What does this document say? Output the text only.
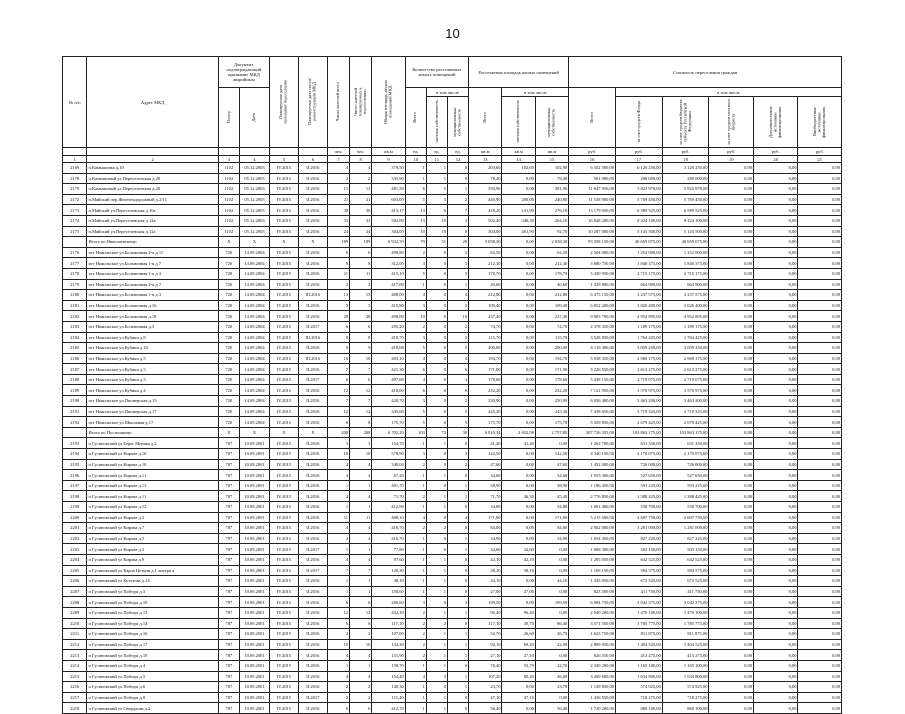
10
№ п/п	Адрес МКД	Документ, подтверждающий признание МКД аварийным		Планируемая дата окончания переселения	Планируемая дата сноса/ реконструкции МКД	Число жителей всего	Число жителей планируемых к переселению	Общая площадь жилых помещений МКД	Количество расселяемых жилых помещений			Расселяемая площадь жилых помещений			Стоимость переселения граждан					
		Номер	Дата						Всего	в том числе		Всего	в том числе		Всего	в том числе				
										частная собственность	муниципальная собственность		частная собственность	муниципальная собственность		за счет средств Фонда	за счет средств бюджета субъекта Российской Федерации	за счет средств местного бюджета	Дополнительные источники финансирования	Внебюджетные источники финансирования
						чел.	чел.	кв.м	ед.	ед.	ед.	кв.м	кв.м	кв.м	руб.	руб.	руб.	руб.	руб.	руб.
1	2	3	4	5	6	7	8	9	10	11	12	13	14	15	16	17	18	19	20	21
2169	п.Камышовка д.10	1102	05.12.2003	IV.2015	II.2016	4	4	379,50	1	1	0	203,60	102,60	102,90	6 352 500,00	6 126 250,00	3 126 250,00	0,00	0,00	0,00
2178	п.Камышовый ул.Переселенская д.20	1102	05.12.2003	IV.2015	II.2016	2	2	335,90	1	1	0	78,40	0,00	78,40	561 000,00	280 000,00	280 000,00	0,00	0,00	0,00
2179	п.Камышовый ул.Переселенская д.20	1102	05.12.2003	IV.2015	II.2016	13	13	481,50	6	5	1	550,96	0,00	381,96	11 647 956,00	5 823 978,00	5 823 978,00	0,00	0,00	0,00
2172	п.Майский пер.Железнодорожный д.2/11	1102	05.12.2003	IV.2015	II.2016	21	21	603,00	5	3	2	440,90	200,00	240,80	11 538 900,00	5 769 450,00	5 769 450,00	0,00	0,00	0,00
2173	п.Майский ул.Переселенская д.10а	1102	05.12.2003	IV.2015	II.2016	30	30	415,17	13	6	7	418,20	141,90	276,10	13 179 050,00	6 589 525,00	6 589 525,00	0,00	0,00	0,00
2174	п.Майский ул.Переселенская д.12а	1102	05.12.2003	IV.2015	II.2016	33	33	502,00	13	10	3	502,40	348,30	204,10	16 848 200,00	8 424 100,00	8 424 100,00	0,00	0,00	0,00
2175	п.Майский ул.Переселенская д.12а	1102	05.12.2003	IV.2015	II.2016	24	24	304,00	10	10	0	304,00	461,90	92,70	10 287 000,00	5 143 500,00	5 143 500,00	0,00	0,00	0,00
	Итого по Николаевскому:	X	X	X	X	189	189	6 932,59	79	51	28	3 038,30	0,00	2 038,30	93 358 150,00	46 659 075,00	46 659 075,00	0,00	0,00	0,00
2176	пгт Никольское ул.Больничная 2-я д.11	720	14.09.2004	IV.2015	II.2016	6	6	499,80	2	0	2	62,50	0,00	62,50	2 504 000,00	1 252 000,00	1 252 000,00	0,00	0,00	0,00
2177	пгт Никольское ул.Больничная 1-я д.7	720	14.09.2004	IV.2015	II.2016	8	8	312,00	3	0	3	212,30	0,00	212,30	3 680 750,00	1 840 375,00	1 840 375,00	0,00	0,00	0,00
2178	пгт Никольское ул.Больничная 1-я д.3	720	14.09.2004	IV.2015	II.2016	11	11	415,10	5	0	5	178,70	0,00	178,70	5 430 950,00	2 715 175,00	2 715 175,00	0,00	0,00	0,00
2179	пгт Никольское ул.Больничная 2-я д.7	720	14.09.2004	IV.2015	II.2016	2	2	417,00	1	0	1	40,60	0,00	40,60	1 329 800,00	664 900,00	664 900,00	0,00	0,00	0,00
2180	пгт Никольское ул.Больничная 1-я д.3	720	14.09.2004	IV.2015	III.2016	13	13	488,00	4	0	4	212,80	0,00	212,80	6 475 150,00	3 237 575,00	3 237 575,00	0,00	0,00	0,00
2181	пгт Никольское ул.Больничная д.16	720	14.09.2004	IV.2015	II.2016	5	5	415,80	3	0	3	109,40	0,00	109,40	6 052 200,00	3 026 400,00	3 026 400,00	0,00	0,00	0,00
2182	пгт Никольское ул.Больничная д.18	720	14.09.2004	IV.2015	II.2016	28	28	498,00	10	0	10	237,40	0,00	237,40	9 905 790,00	4 952 895,00	4 952 895,00	0,00	0,00	0,00
2183	пгт Никольское ул.Больничная д.3	720	14.09.2004	IV.2015	II.2017	6	6	295,20	2	0	2	74,70	0,00	74,70	2 378 350,00	1 189 175,00	1 189 175,00	0,00	0,00	0,00
2184	пгт Никольское ул.Кубики д.8	720	14.09.2004	IV.2015	III.2016	8	8	419,70	3	0	3	115,70	0,00	115,70	3 528 850,00	1 764 425,00	1 764 425,00	0,00	0,00	0,00
2185	пгт Никольское ул.Кубики д.10	720	14.09.2004	IV.2015	II.2016	9	9	419,08	5	0	5	200,00	0,00	200,00	6 119 300,00	3 059 250,00	3 059 250,00	0,00	0,00	0,00
2186	пгт Никольское ул.Кубики д.5	720	14.09.2004	IV.2015	III.2016	10	10	403,10	4	0	4	194,70	0,00	194,70	5 938 350,00	2 969 175,00	2 969 175,00	0,00	0,00	0,00
2187	пгт Никольское ул.Кубики д.3	720	14.09.2004	IV.2015	II.2016	7	7	421,30	6	0	6	171,00	0,00	171,00	5 226 550,00	2 613 275,00	2 613 275,00	0,00	0,00	0,00
2188	пгт Никольское ул.Кубики д.3	720	14.09.2004	IV.2015	II.2017	6	6	407,60	4	0	4	178,60	0,00	178,60	5 438 150,00	2 719 075,00	2 719 075,00	0,00	0,00	0,00
2189	пгт Никольское ул.Кубики д.4	720	14.09.2004	IV.2015	II.2016	12	12	418,00	6	0	6	232,20	0,00	232,20	7 141 950,00	3 570 975,00	3 570 975,00	0,00	0,00	0,00
2190	пгт Никольское ул.Пионерская д.15	720	14.09.2004	IV.2015	II.2016	7	7	420,70	3	0	3	230,90	0,00	230,90	6 926 400,00	3 463 200,00	3 463 200,00	0,00	0,00	0,00
2191	пгт Никольское ул.Пионерская д.17	720	14.09.2004	IV.2015	II.2016	12	12	345,00	5	0	5	245,30	0,00	245,30	7 438 650,00	3 719 325,00	3 719 325,00	0,00	0,00	0,00
2192	пгт Никольское ул.Школьная д.17	720	14.09.2004	IV.2015	II.2016	8	8	175,70	5	0	5	175,70	0,00	175,70	5 359 850,00	2 679 425,00	2 679 425,00	0,00	0,00	0,00
	Итого по Пустошкину:	X	X	X	X	208	208	6 702,29	103	73	30	6 910,34	2 652,98	2 757,80	207 726 355,00	103 863 175,00	103 863 175,00	0,00	0,00	0,00
2193	п Гусиновский ул Берег Моряка д.2	787	10.09.2001	IV.2015	II.2016	3	3	154,70	1	1	0	41,40	41,40	0,00	1 262 700,00	631 350,00	631 350,00	0,00	0,00	0,00
2194	п Гусиновский ул Кирова д.10	787	10.09.2001	IV.2015	II.2016	10	10	578,90	3	0	3	142,50	0,00	142,50	4 340 150,00	2 170 075,00	2 170 075,00	0,00	0,00	0,00
2195	п Гусиновский ул Кирова д.10	787	10.09.2001	IV.2015	II.2016	4	4	348,04	2	0	2	47,60	0,00	47,60	1 452 000,00	726 000,00	726 000,00	0,00	0,00	0,00
2196	п Гусиновский ул Кирова д.11	787	10.09.2001	IV.2015	II.2016	4	4	67,20	1	1	0	34,60	0,00	34,60	1 055 300,00	527 650,00	527 650,00	0,00	0,00	0,00
2197	п Гусиновский ул Кирова д.13	787	10.09.2001	IV.2015	II.2016	1	1	491,70	1	0	1	38,90	0,00	38,90	1 186 450,00	593 225,00	593 225,00	0,00	0,00	0,00
2198	п Гусиновский ул Кирова д.11	787	10.09.2001	IV.2015	II.2016	4	4	71,70	2	1	1	71,70	46,30	45,40	2 776 850,00	1 388 425,00	1 388 425,00	0,00	0,00	0,00
2199	п Гусиновский ул Кирова д.12	787	10.09.2001	IV.2015	II.2016	1	1	412,90	1	1	0	34,80	0,00	34,80	1 061 400,00	530 700,00	530 700,00	0,00	0,00	0,00
2200	п Гусиновский ул Кирова д.3	787	10.09.2001	IV.2015	II.2016	11	11	408,10	4	0	4	171,00	0,00	171,00	5 215 500,00	2 607 750,00	2 607 750,00	0,00	0,00	0,00
2201	п Гусиновский ул Кирова д.7	787	10.09.2001	IV.2015	II.2016	4	4	418,70	2	2	0	84,00	0,00	84,00	2 562 000,00	1 281 000,00	1 281 000,00	0,00	0,00	0,00
2202	п Гусиновский ул Кирова д.5	787	10.09.2001	IV.2015	II.2016	4	4	416,70	1	0	1	34,90	0,00	34,90	1 654 450,00	827 225,00	827 225,00	0,00	0,00	0,00
2203	п Гусиновский ул Кирова д.3	787	10.09.2001	IV.2015	II.2017	1	1	77,80	1	0	1	34,60	34,60	0,00	1 006 300,00	503 150,00	503 150,00	0,00	0,00	0,00
2204	п Гусиновский ул Кирова д.9	787	10.09.2001	IV.2015	II.2016	4	4	97,60	1	1	0	42,10	42,10	0,00	1 285 050,00	642 525,00	642 525,00	0,00	0,00	0,00
2205	п Гусиновский ул Карла Цеткин д.1 литера а	787	10.09.2001	IV.2015	II.2017	7	7	120,30	1	1	0	38,10	38,10	0,00	1 169 150,00	584 575,00	584 575,00	0,00	0,00	0,00
2206	п Гусиновский ул Кутузова д.14	787	10.09.2001	IV.2015	II.2016	1	1	48,10	1	1	0	44,10	0,00	44,10	1 345 050,00	672 525,00	672 525,00	0,00	0,00	0,00
2207	п Гусиновский ул Победы д.3	787	10.09.2001	IV.2015	II.2016	1	1	150,60	1	1	0	27,00	27,00	0,00	823 500,00	411 750,00	411 750,00	0,00	0,00	0,00
2208	п Гусиновский ул Победы д.10	787	10.09.2001	IV.2015	II.2016	6	6	200,60	3	0	3	199,50	0,00	199,50	6 084 750,00	3 042 375,00	3 042 375,00	0,00	0,00	0,00
2209	п Гусиновский ул Победы д.13	787	10.09.2001	IV.2015	II.2016	12	12	432,10	2	1	1	96,40	96,40	0,00	2 940 200,00	1 470 100,00	1 470 100,00	0,00	0,00	0,00
2210	п Гусиновский ул Победы д.14	787	10.09.2001	IV.2015	II.2016	6	6	117,10	2	2	0	117,10	30,70	86,40	3 571 550,00	1 785 775,00	1 785 775,00	0,00	0,00	0,00
2211	п Гусиновский ул Победы д.16	787	10.09.2001	IV.2015	II.2016	2	2	107,00	2	1	1	52,70	26,60	26,70	1 623 750,00	811 875,00	811 875,00	0,00	0,00	0,00
2212	п Гусиновский ул Победы д.17	787	10.09.2001	IV.2015	II.2016	10	10	134,30	2	1	1	92,10	69,20	22,90	2 809 050,00	1 404 525,00	1 404 525,00	0,00	0,00	0,00
2213	п Гусиновский ул Победы д.18	787	10.09.2001	IV.2015	II.2016	4	4	131,90	2	1	1	27,10	27,10	0,00	826 550,00	413 275,00	413 275,00	0,00	0,00	0,00
2214	п Гусиновский ул Победы д.4	787	10.09.2001	IV.2015	II.2016	1	1	158,70	1	1	0	76,40	53,70	22,70	2 330 200,00	1 165 100,00	1 165 100,00	0,00	0,00	0,00
2215	п Гусиновский ул Победы д.5	787	10.09.2001	IV.2015	II.2016	4	4	154,40	4	3	1	107,20	80,20	26,00	3 269 600,00	1 634 800,00	1 634 800,00	0,00	0,00	0,00
2216	п Гусиновский ул Победы д.6	787	10.09.2001	IV.2015	II.2016	2	2	140,30	1	0	1	23,70	0,00	23,70	1 149 850,00	574 925,00	574 925,00	0,00	0,00	0,00
2217	п Гусиновский ул Победы д.8	787	10.09.2001	IV.2015	II.2017	2	2	111,40	1	1	0	47,10	47,10	0,00	1 436 550,00	718 275,00	718 275,00	0,00	0,00	0,00
2218	п Гусиновский ул Свердлова д.2	787	10.09.2001	IV.2015	II.2016	6	6	412,70	1	1	0	56,40	0,00	56,40	1 720 200,00	860 100,00	860 100,00	0,00	0,00	0,00
